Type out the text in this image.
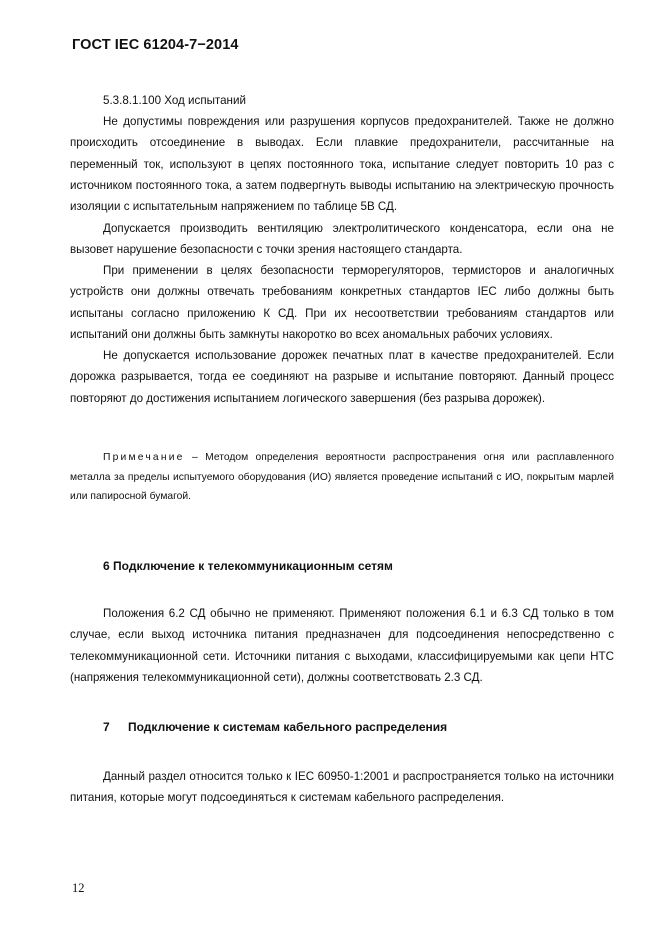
ГОСТ IEC 61204-7−2014

5.3.8.1.100 Ход испытаний

Не допустимы повреждения или разрушения корпусов предохранителей. Также не должно происходить отсоединение в выводах. Если плавкие предохранители, рассчитанные на переменный ток, используют в цепях постоянного тока, испытание следует повторить 10 раз с источником постоянного тока, а затем подвергнуть выводы испытанию на электрическую прочность изоляции с испытательным напряжением по таблице 5В СД.

Допускается производить вентиляцию электролитического конденсатора, если она не вызовет нарушение безопасности с точки зрения настоящего стандарта.

При применении в целях безопасности терморегуляторов, термисторов и аналогичных устройств они должны отвечать требованиям конкретных стандартов IEC либо должны быть испытаны согласно приложению К СД. При их несоответствии требованиям стандартов или испытаний они должны быть замкнуты накоротко во всех аномальных рабочих условиях.

Не допускается использование дорожек печатных плат в качестве предохранителей. Если дорожка разрывается, тогда ее соединяют на разрыве и испытание повторяют. Данный процесс повторяют до достижения испытанием логического завершения (без разрыва дорожек).

Примечание – Методом определения вероятности распространения огня или расплавленного металла за пределы испытуемого оборудования (ИО) является проведение испытаний с ИО, покрытым марлей или папиросной бумагой.

6 Подключение к телекоммуникационным сетям

Положения 6.2 СД обычно не применяют. Применяют положения 6.1 и 6.3 СД только в том случае, если выход источника питания предназначен для подсоединения непосредственно с телекоммуникационной сети. Источники питания с выходами, классифицируемыми как цепи НТС (напряжения телекоммуникационной сети), должны соответствовать 2.3 СД.

7 Подключение к системам кабельного распределения

Данный раздел относится только к IEC 60950-1:2001 и распространяется только на источники питания, которые могут подсоединяться к системам кабельного распределения.

12
